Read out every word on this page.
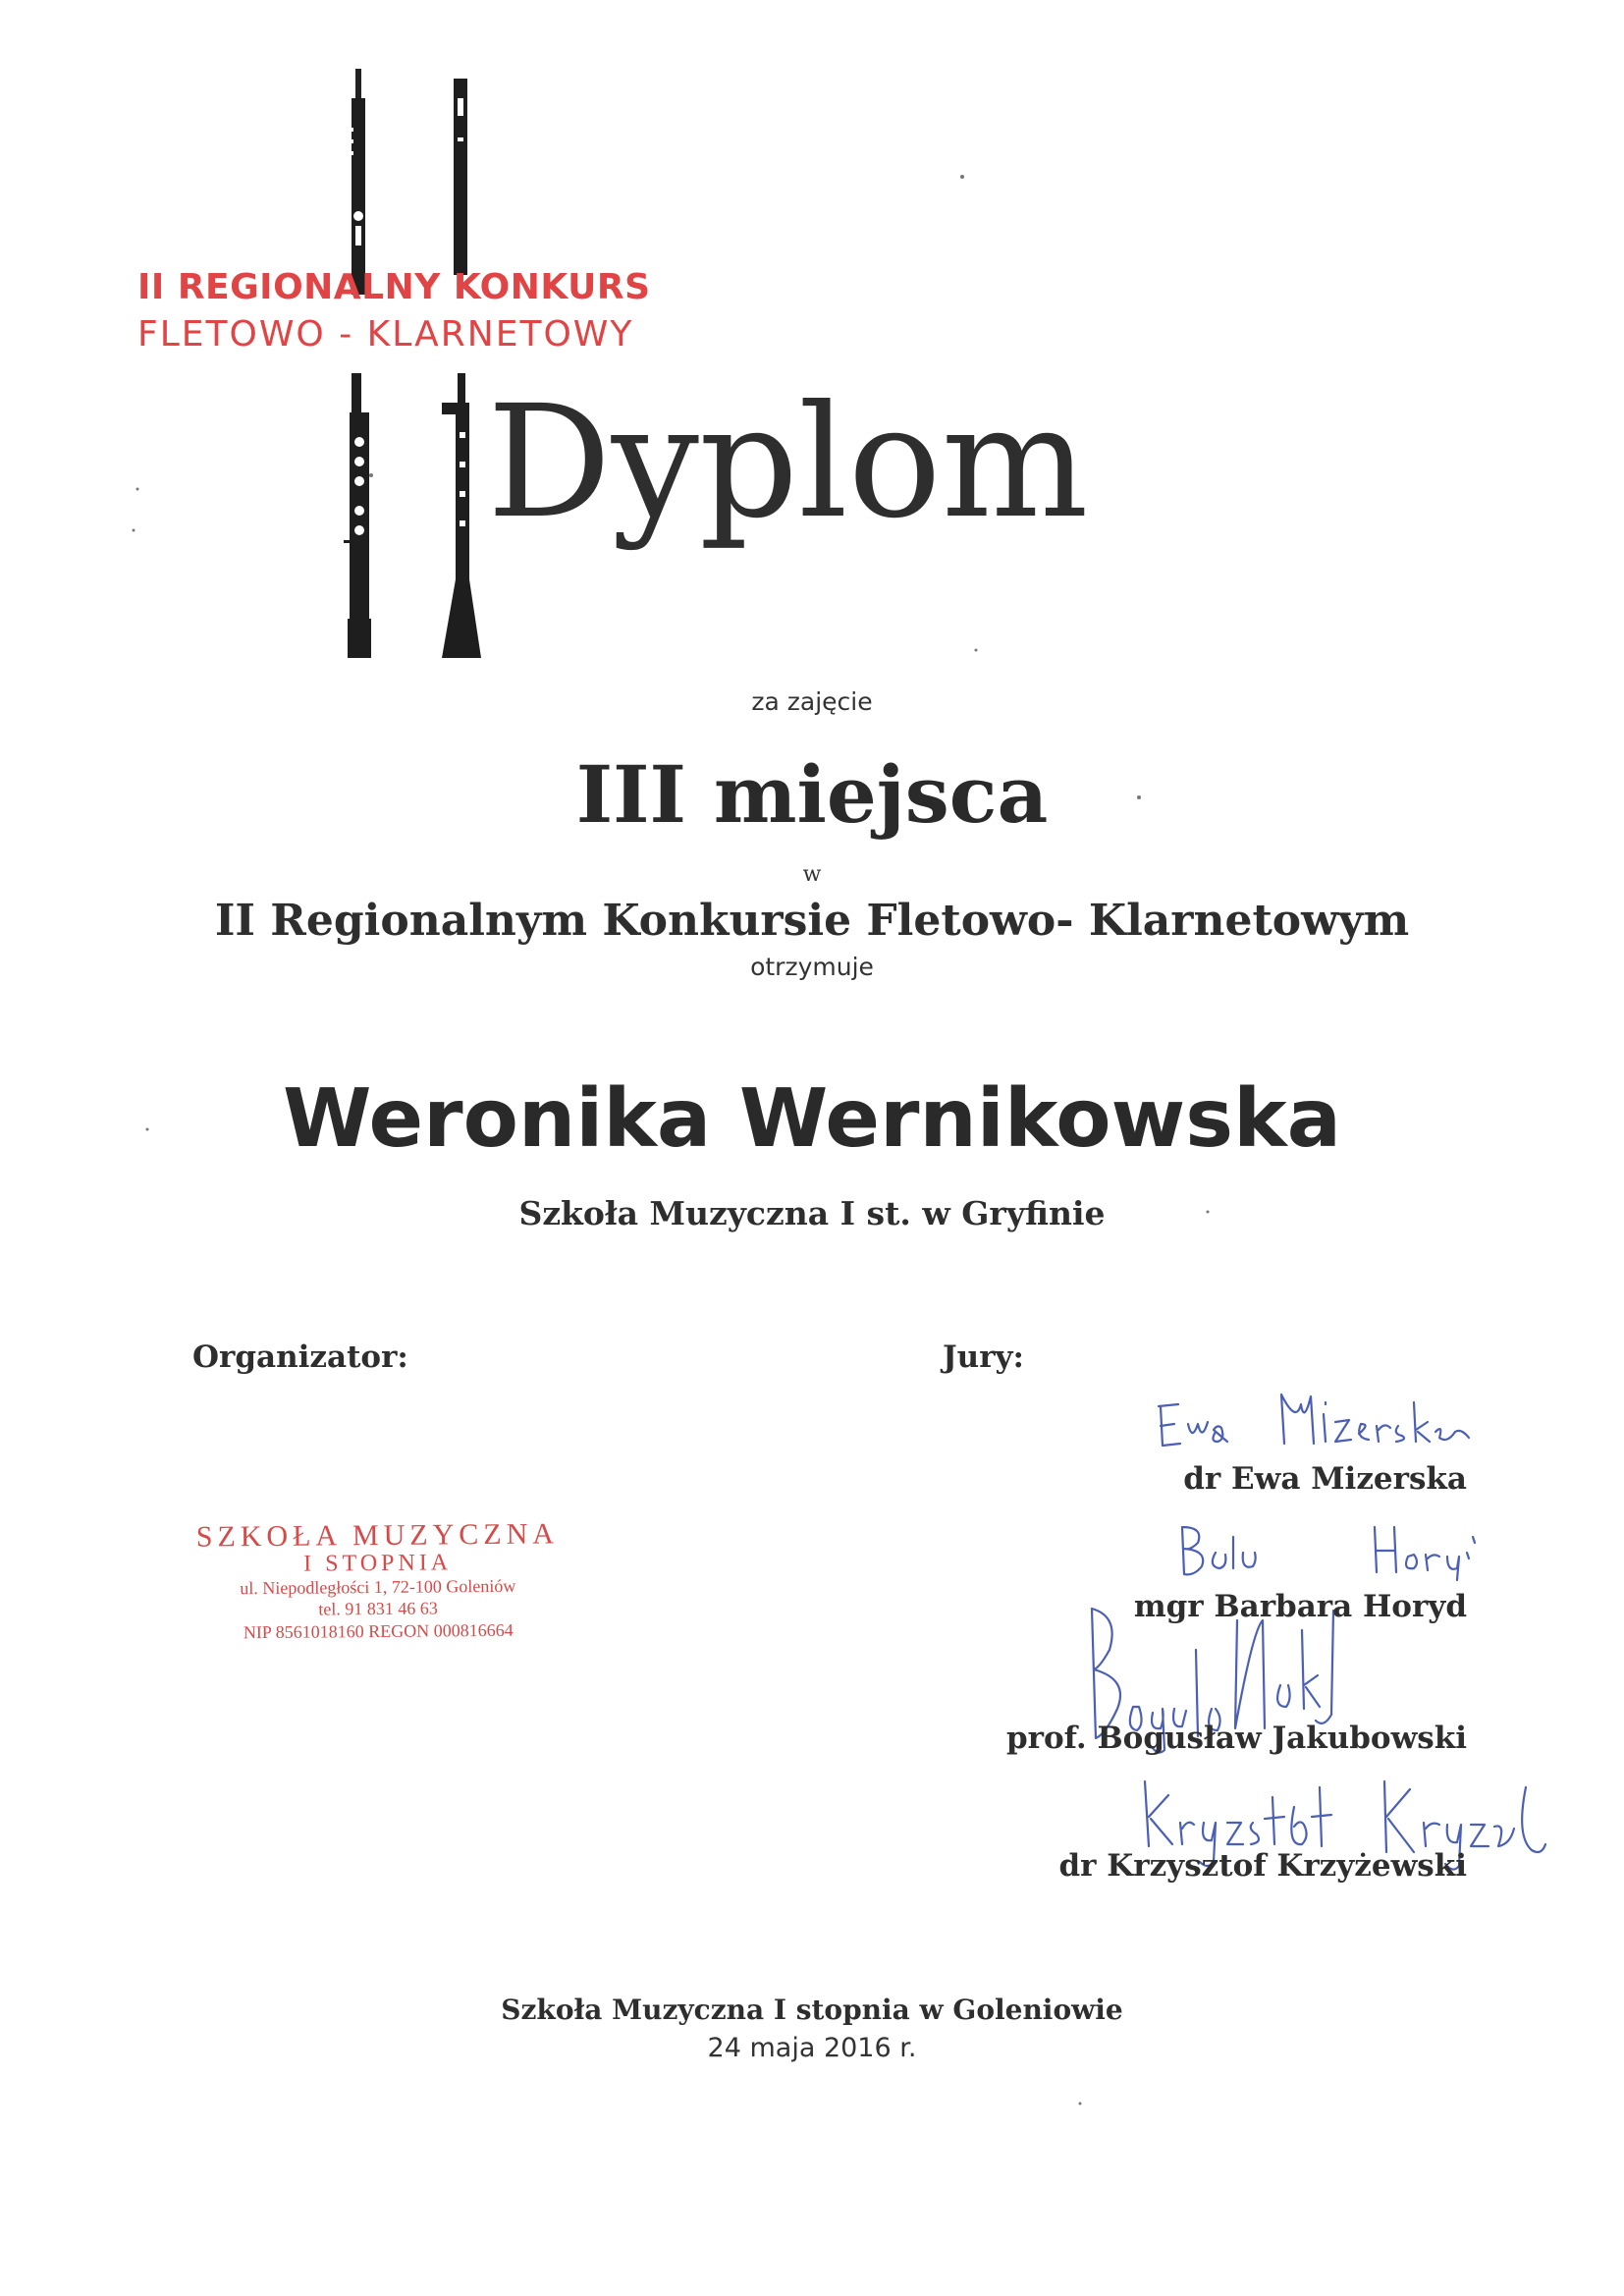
II REGIONALNY KONKURS
FLETOWO - KLARNETOWY
Dyplom
za zajęcie
III miejsca
w
II Regionalnym Konkursie Fletowo- Klarnetowym
otrzymuje
Weronika Wernikowska
Szkoła Muzyczna I st. w Gryfinie
Organizator:	Jury:
SZKOŁA MUZYCZNA
I STOPNIA
ul. Niepodległości 1, 72-100 Goleniów
tel. 91 831 46 63
NIP 8561018160 REGON 000816664
dr Ewa Mizerska
mgr Barbara Horyd
prof. Bogusław Jakubowski
dr Krzysztof Krzyżewski
Szkoła Muzyczna I stopnia w Goleniowie
24 maja 2016 r.
